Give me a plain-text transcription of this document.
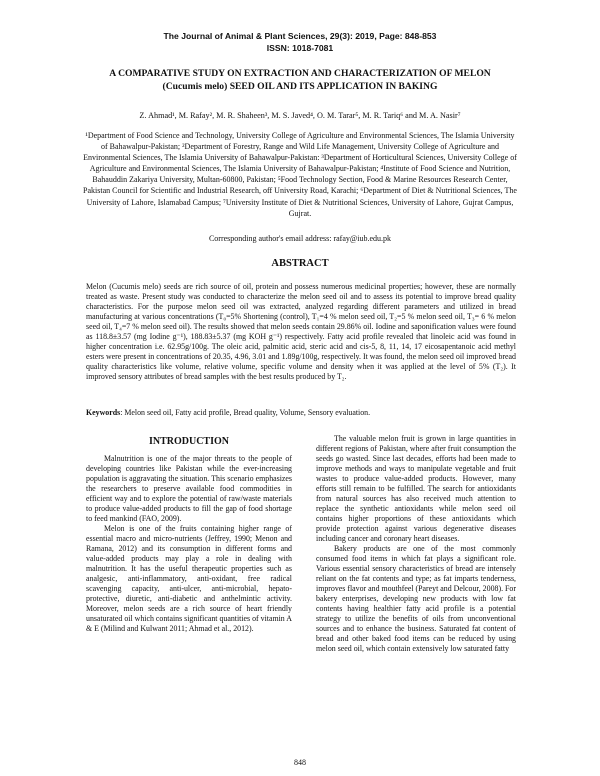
The Journal of Animal & Plant Sciences, 29(3): 2019, Page: 848-853
ISSN: 1018-7081
A COMPARATIVE STUDY ON EXTRACTION AND CHARACTERIZATION OF MELON
(Cucumis melo) SEED OIL AND ITS APPLICATION IN BAKING
Z. Ahmad¹, M. Rafay², M. R. Shaheen³, M. S. Javed⁴, O. M. Tarar⁵, M. R. Tariq⁶ and M. A. Nasir⁷
¹Department of Food Science and Technology, University College of Agriculture and Environmental Sciences, The Islamia University of Bahawalpur-Pakistan; ²Department of Forestry, Range and Wild Life Management, University College of Agriculture and Environmental Sciences, The Islamia University of Bahawalpur-Pakistan: ³Department of Horticultural Sciences, University College of Agriculture and Environmental Sciences, The Islamia University of Bahawalpur-Pakistan; ⁴Institute of Food Science and Nutrition, Bahauddin Zakariya University, Multan-60800, Pakistan; ⁵Food Technology Section, Food & Marine Resources Research Center, Pakistan Council for Scientific and Industrial Research, off University Road, Karachi; ⁶Department of Diet & Nutritional Sciences, The University of Lahore, Islamabad Campus; ⁷University Institute of Diet & Nutritional Sciences, University of Lahore, Gujrat Campus, Gujrat.
Corresponding author's email address: rafay@iub.edu.pk
ABSTRACT
Melon (Cucumis melo) seeds are rich source of oil, protein and possess numerous medicinal properties; however, these are normally treated as waste. Present study was conducted to characterize the melon seed oil and to assess its potential to improve bread quality characteristics. For the purpose melon seed oil was extracted, analyzed regarding different parameters and utilized in bread manufacturing at various concentrations (T₀=5% Shortening (control), T₁=4 % melon seed oil, T₂=5 % melon seed oil, T₃= 6 % melon seed oil, T₄=7 % melon seed oil). The results showed that melon seeds contain 29.86% oil. Iodine and saponification values were found as 118.8±3.57 (mg Iodine g⁻¹), 188.83±5.37 (mg KOH g⁻¹) respectively. Fatty acid profile revealed that linoleic acid was found in higher concentration i.e. 62.95g/100g. The oleic acid, palmitic acid, steric acid and cis-5, 8, 11, 14, 17 eicosapentanoic acid methyl esters were present in concentrations of 20.35, 4.96, 3.01 and 1.89g/100g, respectively. It was found, the melon seed oil improved bread quality characteristics like volume, relative volume, specific volume and density when it was applied at the level of 5% (T₂). It improved sensory attributes of bread samples with the best results produced by T₂.
Keywords: Melon seed oil, Fatty acid profile, Bread quality, Volume, Sensory evaluation.
INTRODUCTION

Malnutrition is one of the major threats to the people of developing countries like Pakistan while the ever-increasing population is aggravating the situation. This scenario emphasizes the researchers to preserve available food commodities in efficient way and to explore the potential of raw/waste materials to produce value-added products to fill the gap of food shortage to feed mankind (FAO, 2009).

Melon is one of the fruits containing higher range of essential macro and micro-nutrients (Jeffrey, 1990; Menon and Ramana, 2012) and its consumption in different forms and value-added products may play a role in dealing with malnutrition. It has the useful therapeutic properties such as analgesic, anti-inflammatory, anti-oxidant, free radical scavenging capacity, anti-ulcer, anti-microbial, hepato-protective, diuretic, anti-diabetic and anthelmintic activity. Moreover, melon seeds are a rich source of heart friendly unsaturated oil which contains significant quantities of vitamin A & E (Milind and Kulwant 2011; Ahmad et al., 2012).

The valuable melon fruit is grown in large quantities in different regions of Pakistan, where after fruit consumption the seeds go wasted. Since last decades, efforts had been made to improve methods and ways to manipulate vegetable and fruit wastes to produce value-added products. However, many efforts still remain to be fulfilled. The search for antioxidants from natural sources has also received much attention to replace the synthetic antioxidants while melon seed oil contains higher proportions of these antioxidants which provide protection against various degenerative diseases including cancer and coronary heart diseases.

Bakery products are one of the most commonly consumed food items in which fat plays a significant role. Various essential sensory characteristics of bread are intensely reliant on the fat contents and type; as fat imparts tenderness, improves flavor and mouthfeel (Pareyt and Delcour, 2008). For bakery enterprises, developing new products with low fat contents having healthier fatty acid profile is a potential strategy to utilize the benefits of oils from unconventional sources and to enhance the business. Saturated fat content of bread and other baked food items can be reduced by using melon seed oil, which contain extensively low saturated fatty

848
